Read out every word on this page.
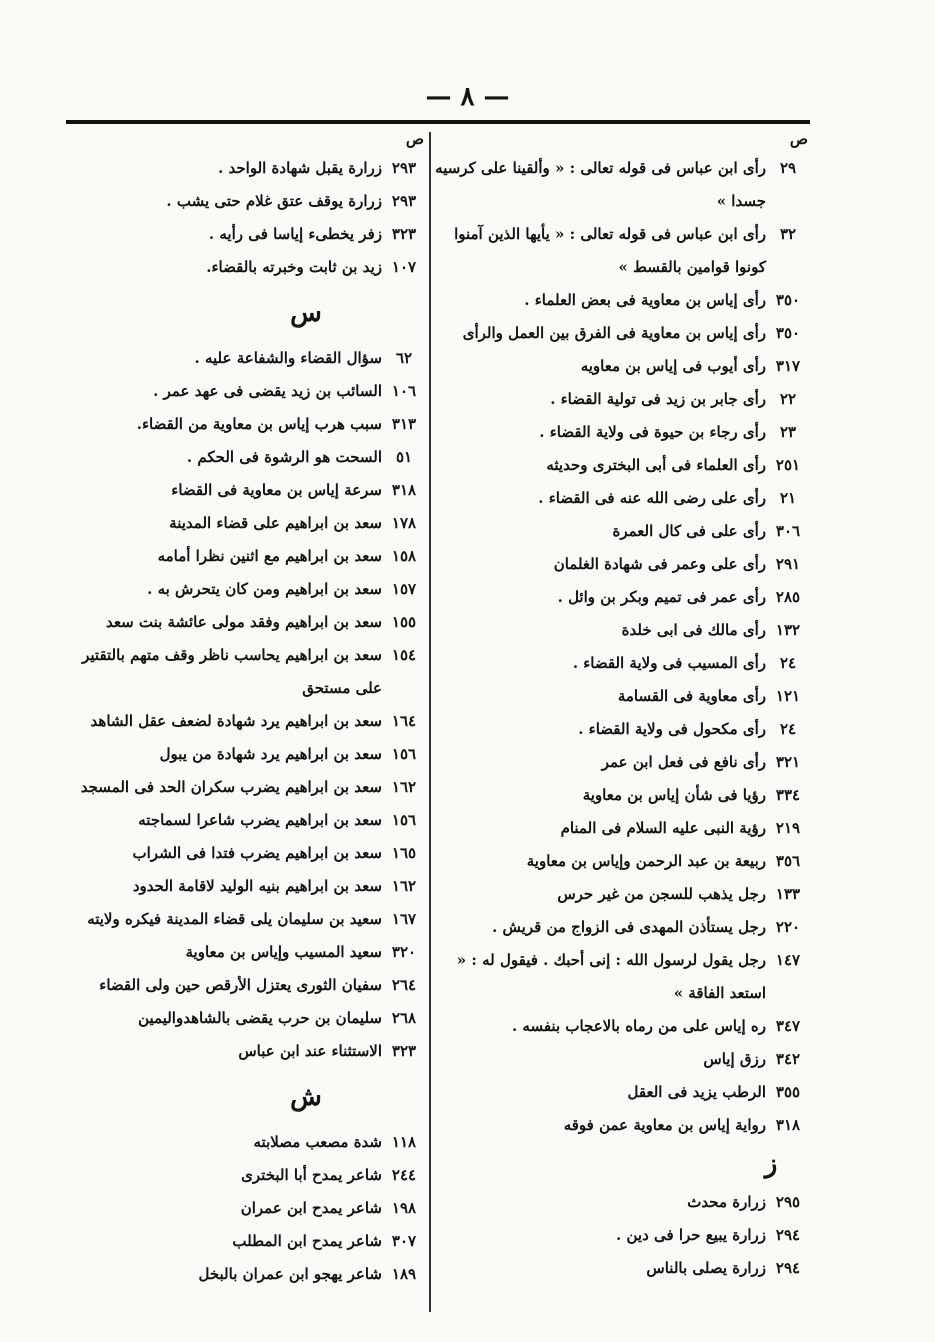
— ٨ —
ص
٢٩
رأى ابن عباس فى قوله تعالى : « وألقينا على كرسيه جسدا »
٣٢
رأى ابن عباس فى قوله تعالى : « يأيها الذين آمنوا كونوا قوامين بالقسط »
٣٥٠
رأى إياس بن معاوية فى بعض العلماء .
٣٥٠
رأى إياس بن معاوية فى الفرق بين العمل والرأى
٣١٧
رأى أيوب فى إياس بن معاويه
٢٢
رأى جابر بن زيد فى تولية القضاء .
٢٣
رأى رجاء بن حيوة فى ولاية القضاء .
٢٥١
رأى العلماء فى أبى البخترى وحديثه
٢١
رأى على رضى الله عنه فى القضاء .
٣٠٦
رأى على فى كال العمرة
٢٩١
رأى على وعمر فى شهادة الغلمان
٢٨٥
رأى عمر فى تميم وبكر بن وائل .
١٣٢
رأى مالك فى ابى خلدة
٢٤
رأى المسيب فى ولاية القضاء .
١٢١
رأى معاوية فى القسامة
٢٤
رأى مكحول فى ولاية القضاء .
٣٢١
رأى نافع فى فعل ابن عمر
٣٣٤
رؤيا فى شأن إياس بن معاوية
٢١٩
رؤية النبى عليه السلام فى المنام
٣٥٦
ربيعة بن عبد الرحمن وإياس بن معاوية
١٣٣
رجل يذهب للسجن من غير حرس
٢٢٠
رجل يستأذن المهدى فى الزواج من قريش .
١٤٧
رجل يقول لرسول الله : إنى أحبك . فيقول له : « استعد الفاقة »
٣٤٧
ره إياس على من رماه بالاعجاب بنفسه .
٣٤٢
رزق إياس
٣٥٥
الرطب يزيد فى العقل
٣١٨
رواية إياس بن معاوية عمن فوقه
ز
٢٩٥
زرارة محدث
٢٩٤
زرارة يبيع حرا فى دين .
٢٩٤
زرارة يصلى بالناس
ص
٢٩٣
زرارة يقبل شهادة الواحد .
٢٩٣
زرارة يوقف عتق غلام حتى يشب .
٣٢٣
زفر يخطىء إياسا فى رأيه .
١٠٧
زيد بن ثابت وخبرته بالقضاء.
س
٦٢
سؤال القضاء والشفاعة عليه .
١٠٦
السائب بن زيد يقضى فى عهد عمر .
٣١٣
سبب هرب إياس بن معاوية من القضاء.
٥١
السحت هو الرشوة فى الحكم .
٣١٨
سرعة إياس بن معاوية فى القضاء
١٧٨
سعد بن ابراهيم على قضاء المدينة
١٥٨
سعد بن ابراهيم مع اثنين نظرا أمامه
١٥٧
سعد بن ابراهيم ومن كان يتحرش به .
١٥٥
سعد بن ابراهيم وفقد مولى عائشة بنت سعد
١٥٤
سعد بن ابراهيم يحاسب ناظر وقف متهم بالتقتير على مستحق
١٦٤
سعد بن ابراهيم يرد شهادة لضعف عقل الشاهد
١٥٦
سعد بن ابراهيم يرد شهادة من يبول
١٦٢
سعد بن ابراهيم يضرب سكران الحد فى المسجد
١٥٦
سعد بن ابراهيم يضرب شاعرا لسماجته
١٦٥
سعد بن ابراهيم يضرب فتدا فى الشراب
١٦٢
سعد بن ابراهيم بنيه الوليد لاقامة الحدود
١٦٧
سعيد بن سليمان يلى قضاء المدينة فيكره ولايته
٣٢٠
سعيد المسيب وإياس بن معاوية
٢٦٤
سفيان الثورى يعتزل الأرقص حين ولى القضاء
٢٦٨
سليمان بن حرب يقضى بالشاهدواليمين
٣٢٣
الاستثناء عند ابن عباس
ش
١١٨
شدة مصعب مصلابته
٢٤٤
شاعر يمدح أبا البخترى
١٩٨
شاعر يمدح ابن عمران
٣٠٧
شاعر يمدح ابن المطلب
١٨٩
شاعر يهجو ابن عمران بالبخل
